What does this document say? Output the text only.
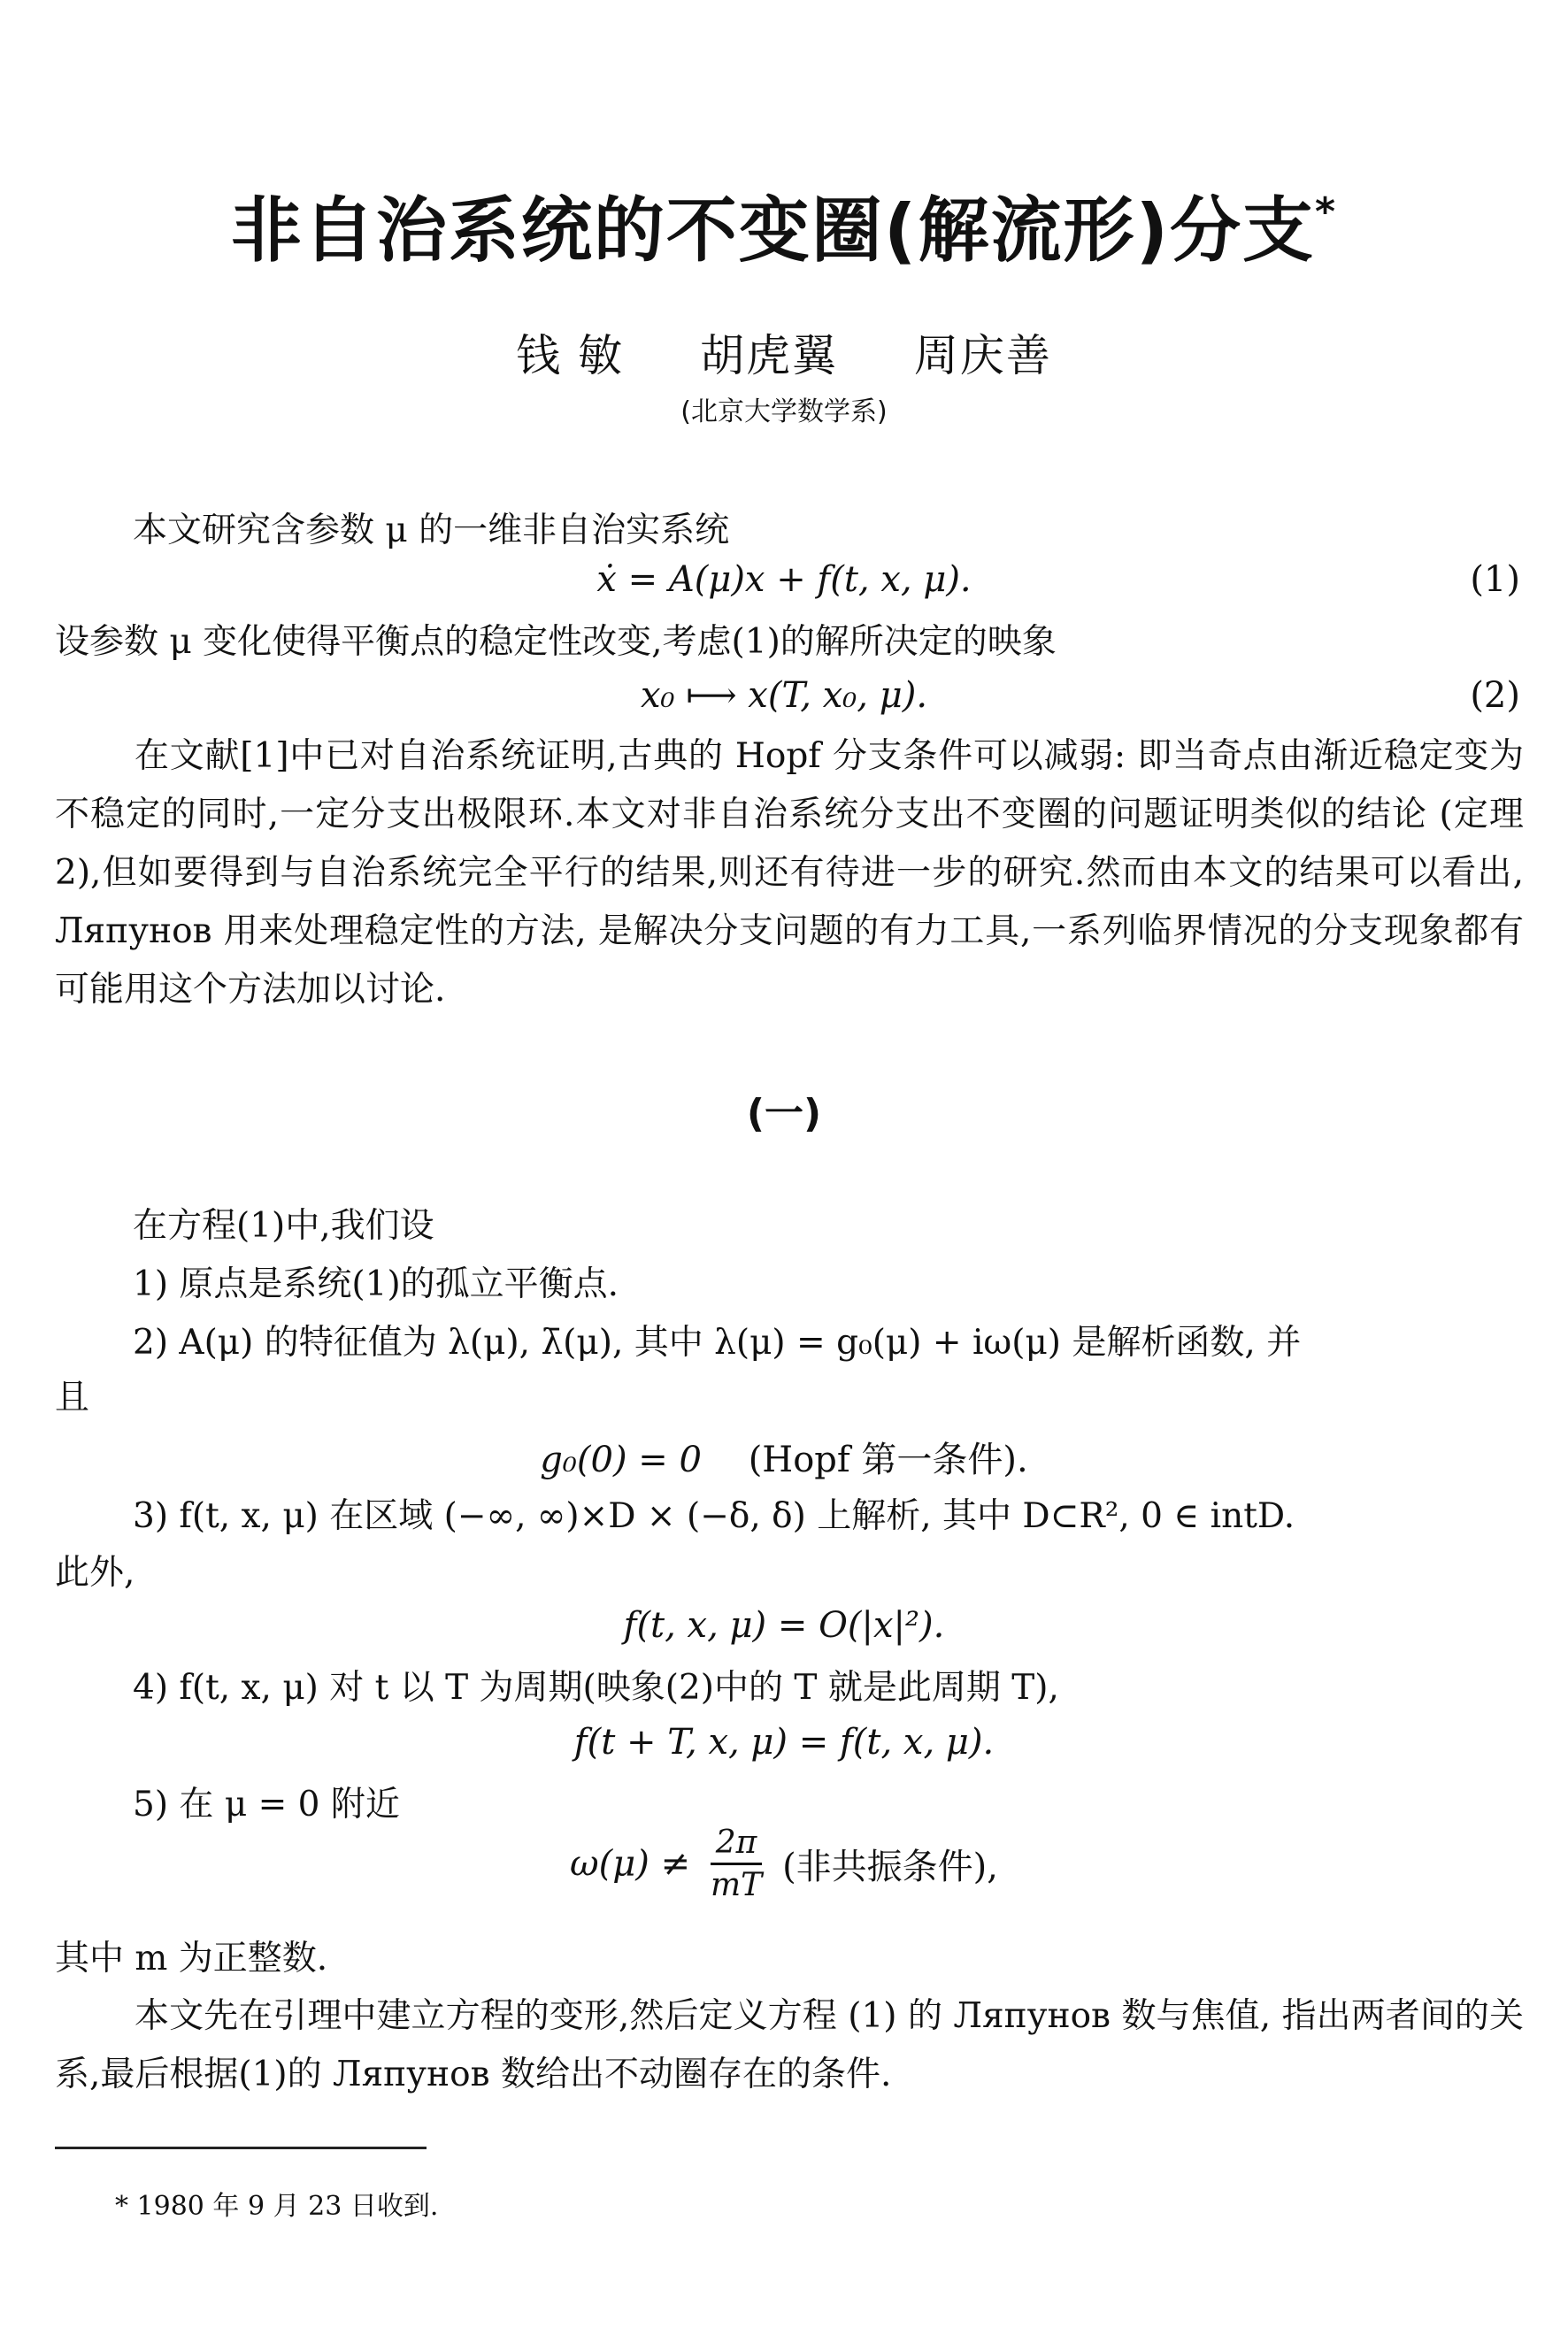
非自治系统的不变圈(解流形)分支*
钱 敏 胡虎翼 周庆善
(北京大学数学系)
本文研究含参数 μ 的一维非自治实系统
ẋ = A(μ)x + f(t, x, μ).	(1)
设参数 μ 变化使得平衡点的稳定性改变,考虑(1)的解所决定的映象
x₀ ⟼ x(T, x₀, μ).	(2)

在文献[1]中已对自治系统证明,古典的 Hopf 分支条件可以减弱: 即当奇点由渐近稳定变为不稳定的同时,一定分支出极限环.本文对非自治系统分支出不变圈的问题证明类似的结论 (定理 2),但如要得到与自治系统完全平行的结果,则还有待进一步的研究.然而由本文的结果可以看出, Ляпунов 用来处理稳定性的方法, 是解决分支问题的有力工具,一系列临界情况的分支现象都有可能用这个方法加以讨论.

(一)
在方程(1)中,我们设
1) 原点是系统(1)的孤立平衡点.
2) A(μ) 的特征值为 λ(μ), λ̄(μ), 其中 λ(μ) = g₀(μ) + iω(μ) 是解析函数, 并
且
g₀(0) = 0 (Hopf 第一条件).
3) f(t, x, μ) 在区域 (−∞, ∞)×D × (−δ, δ) 上解析, 其中 D⊂R², 0 ∈ intD.
此外,
f(t, x, μ) = O(|x|²).
4) f(t, x, μ) 对 t 以 T 为周期(映象(2)中的 T 就是此周期 T),
f(t + T, x, μ) = f(t, x, μ).
5) 在 μ = 0 附近
$\omega(\mu) \ne \frac{2\pi}{mT}$ (非共振条件),
其中 m 为正整数.

本文先在引理中建立方程的变形,然后定义方程 (1) 的 Ляпунов 数与焦值, 指出两者间的关系,最后根据(1)的 Ляпунов 数给出不动圈存在的条件.

* 1980 年 9 月 23 日收到.
